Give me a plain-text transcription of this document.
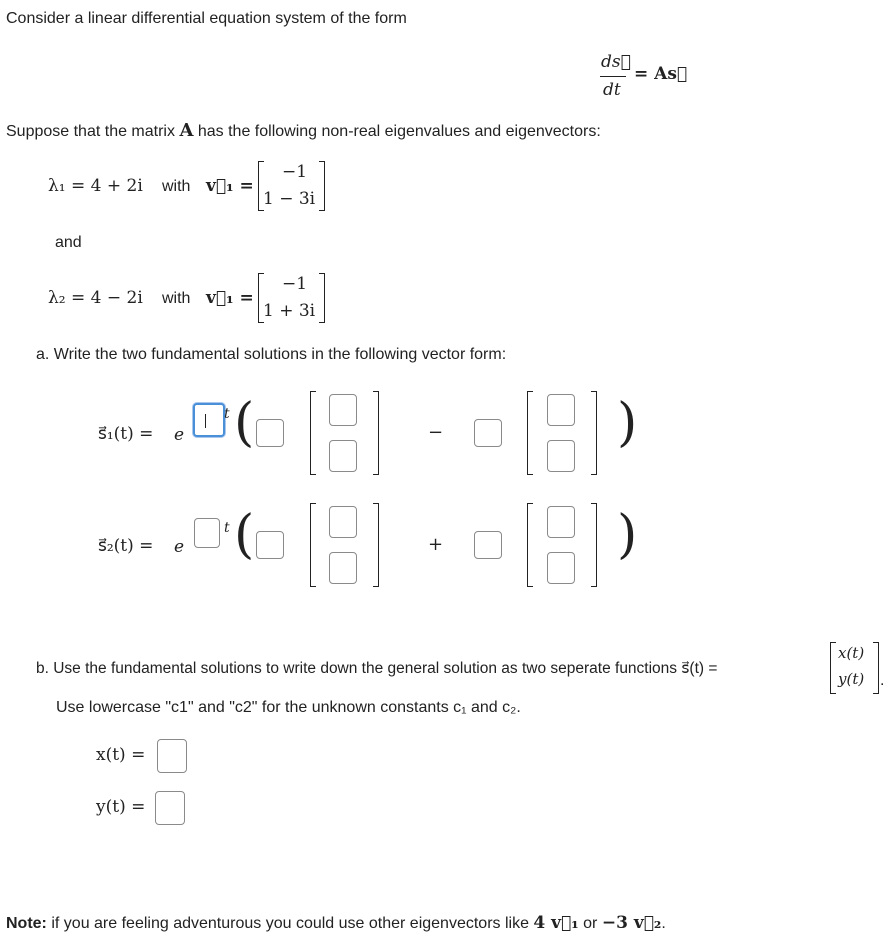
Consider a linear differential equation system of the form
ds⃗
dt
= As⃗
Suppose that the matrix A has the following non-real eigenvalues and eigenvectors:
λ₁ = 4 + 2i with v⃗₁ =
−1
1 − 3i
and
λ₂ = 4 − 2i with v⃗₁ =
−1
1 + 3i
a. Write the two fundamental solutions in the following vector form:
s⃗₁(t) = e
t (	−	)
s⃗₂(t) = e
t (	+	)
b. Use the fundamental solutions to write down the general solution as two seperate functions s⃗(t) =
x(t)
y(t) .
Use lowercase "c1" and "c2" for the unknown constants c₁ and c₂.
x(t) =
y(t) =
Note: if you are feeling adventurous you could use other eigenvectors like 4 v⃗₁ or −3 v⃗₂.
